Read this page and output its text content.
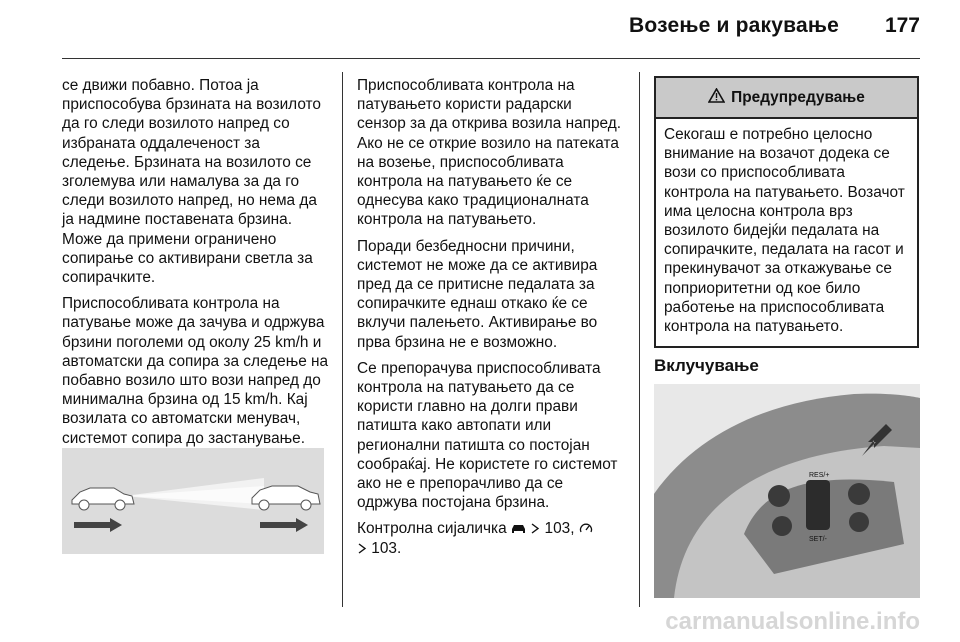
Возење и ракување 177

се движи побавно. Потоа ја приспособува брзината на возилото да го следи возилото напред со избраната оддалеченост за следење. Брзината на возилото се зголемува или намалува за да го следи возилото напред, но нема да ја надмине поставената брзина. Може да примени ограничено сопирање со активирани светла за сопирачките.

Приспособливата контрола на патување може да зачува и одржува брзини поголеми од околу 25 km/h и автоматски да сопира за следење на побавно возило што вози напред до минимална брзина од 15 km/h. Кај возилата со автоматски менувач, системот сопира до застанување.

Приспособливата контрола на патувањето користи радарски сензор за да открива возила напред. Ако не се открие возило на патеката на возење, приспособливата контрола на патувањето ќе се однесува како традиционалната контрола на патувањето.

Поради безбедносни причини, системот не може да се активира пред да се притисне педалата за сопирачките еднаш откако ќе се вклучи палењето. Активирање во прва брзина не е возможно.

Се препорачува приспособливата контрола на патувањето да се користи главно на долги прави патишта како автопати или регионални патишта со постојан сообраќај. Не користете го системот ако не е препорачливо да се одржува постојана брзина.

Контролна сијаличка 103,
103.

Предупредување
Секогаш е потребно целосно внимание на возачот додека се вози со приспособливата контрола на патувањето. Возачот има целосна контрола врз возилото бидејќи педалата на сопирачките, педалата на гасот и прекинувачот за откажување се поприоритетни од кое било работење на приспособливата контрола на патувањето.
Вклучување
RES/+
SET/-
carmanualsonline.info
